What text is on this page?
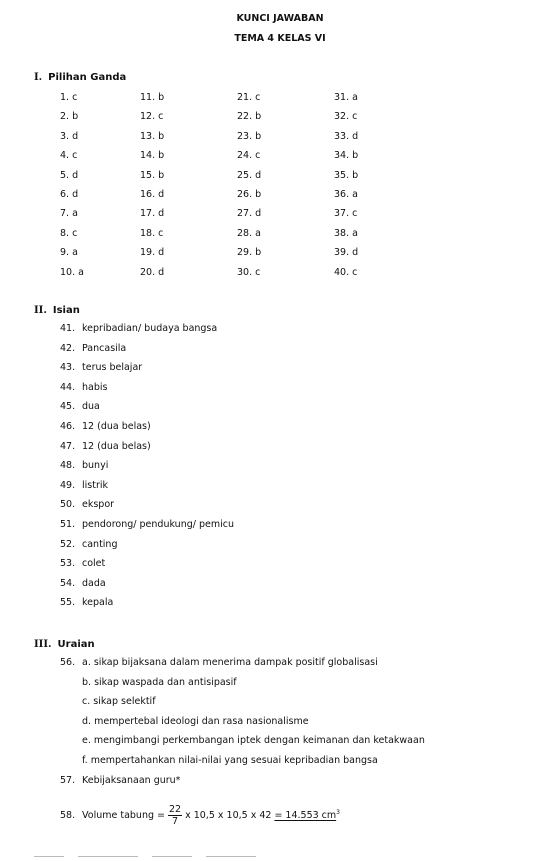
KUNCI JAWABAN
TEMA 4 KELAS VI
I. Pilihan Ganda
1. c
2. b
3. d
4. c
5. d
6. d
7. a
8. c
9. a
10. a
11. b
12. c
13. b
14. b
15. b
16. d
17. d
18. c
19. d
20. d
21. c
22. b
23. b
24. c
25. d
26. b
27. d
28. a
29. b
30. c
31. a
32. c
33. d
34. b
35. b
36. a
37. c
38. a
39. d
40. c
II. Isian
41. kepribadian/ budaya bangsa
42. Pancasila
43. terus belajar
44. habis
45. dua
46. 12 (dua belas)
47. 12 (dua belas)
48. bunyi
49. listrik
50. ekspor
51. pendorong/ pendukung/ pemicu
52. canting
53. colet
54. dada
55. kepala
III. Uraian
56. a. sikap bijaksana dalam menerima dampak positif globalisasi
b. sikap waspada dan antisipasif
c. sikap selektif
d. mempertebal ideologi dan rasa nasionalisme
e. mengimbangi perkembangan iptek dengan keimanan dan ketakwaan
f. mempertahankan nilai-nilai yang sesuai kepribadian bangsa
57. Kebijaksanaan guru*
58. Volume tabung = $\frac{22}{7}$ x 10,5 x 10,5 x 42 = 14.553 $cm^3$
